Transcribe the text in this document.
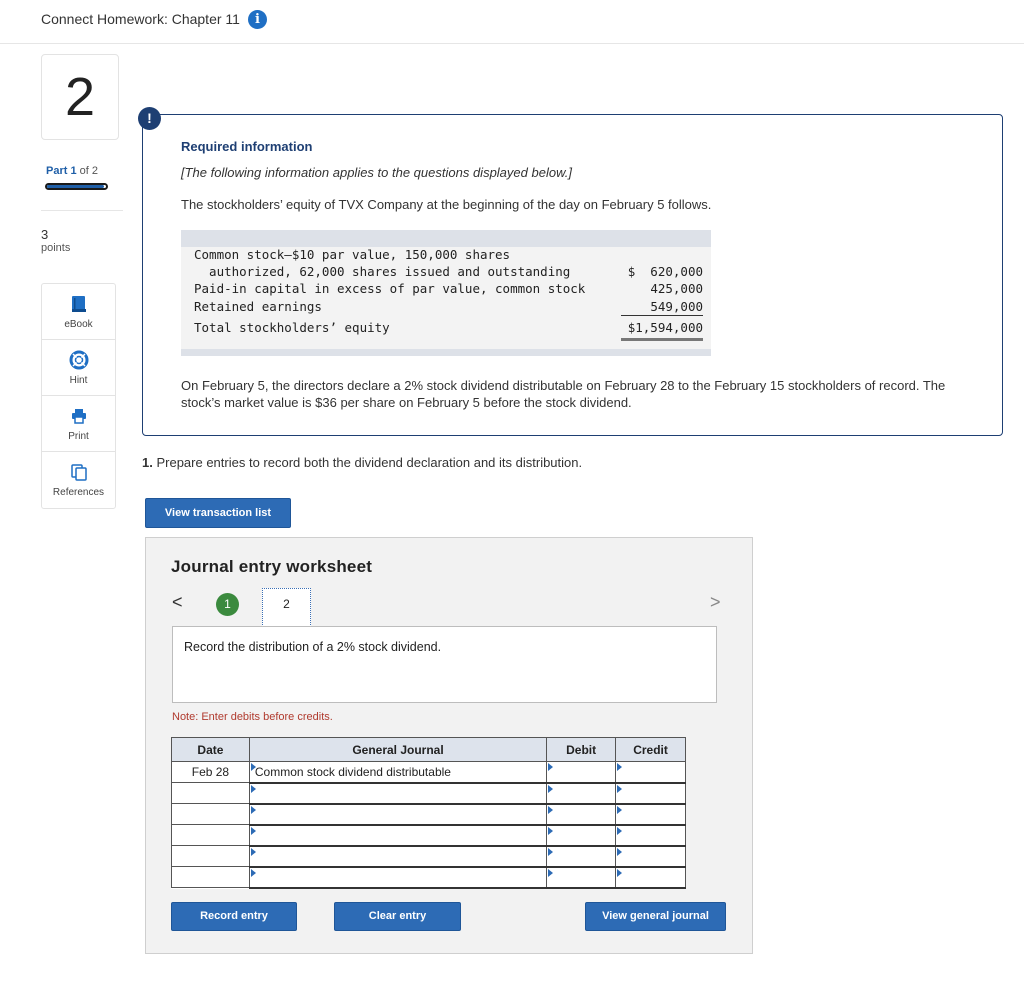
Connect Homework: Chapter 11	i
2
Part 1 of 2
3
points
eBook
Hint
Print
References
!
Required information
[The following information applies to the questions displayed below.]
The stockholders’ equity of TVX Company at the beginning of the day on February 5 follows.
Common stock—$10 par value, 150,000 shares
authorized, 62,000 shares issued and outstanding	$  620,000
Paid-in capital in excess of par value, common stock	425,000
Retained earnings	549,000
Total stockholders’ equity	$1,594,000
On February 5, the directors declare a 2% stock dividend distributable on February 28 to the February 15 stockholders of record. The stock’s market value is $36 per share on February 5 before the stock dividend.
1. Prepare entries to record both the dividend declaration and its distribution.
View transaction list
Journal entry worksheet
<	1	2	>
Record the distribution of a 2% stock dividend.
Note: Enter debits before credits.
Date	General Journal	Debit	Credit
Feb 28	Common stock dividend distributable		

Record entry	Clear entry	View general journal
